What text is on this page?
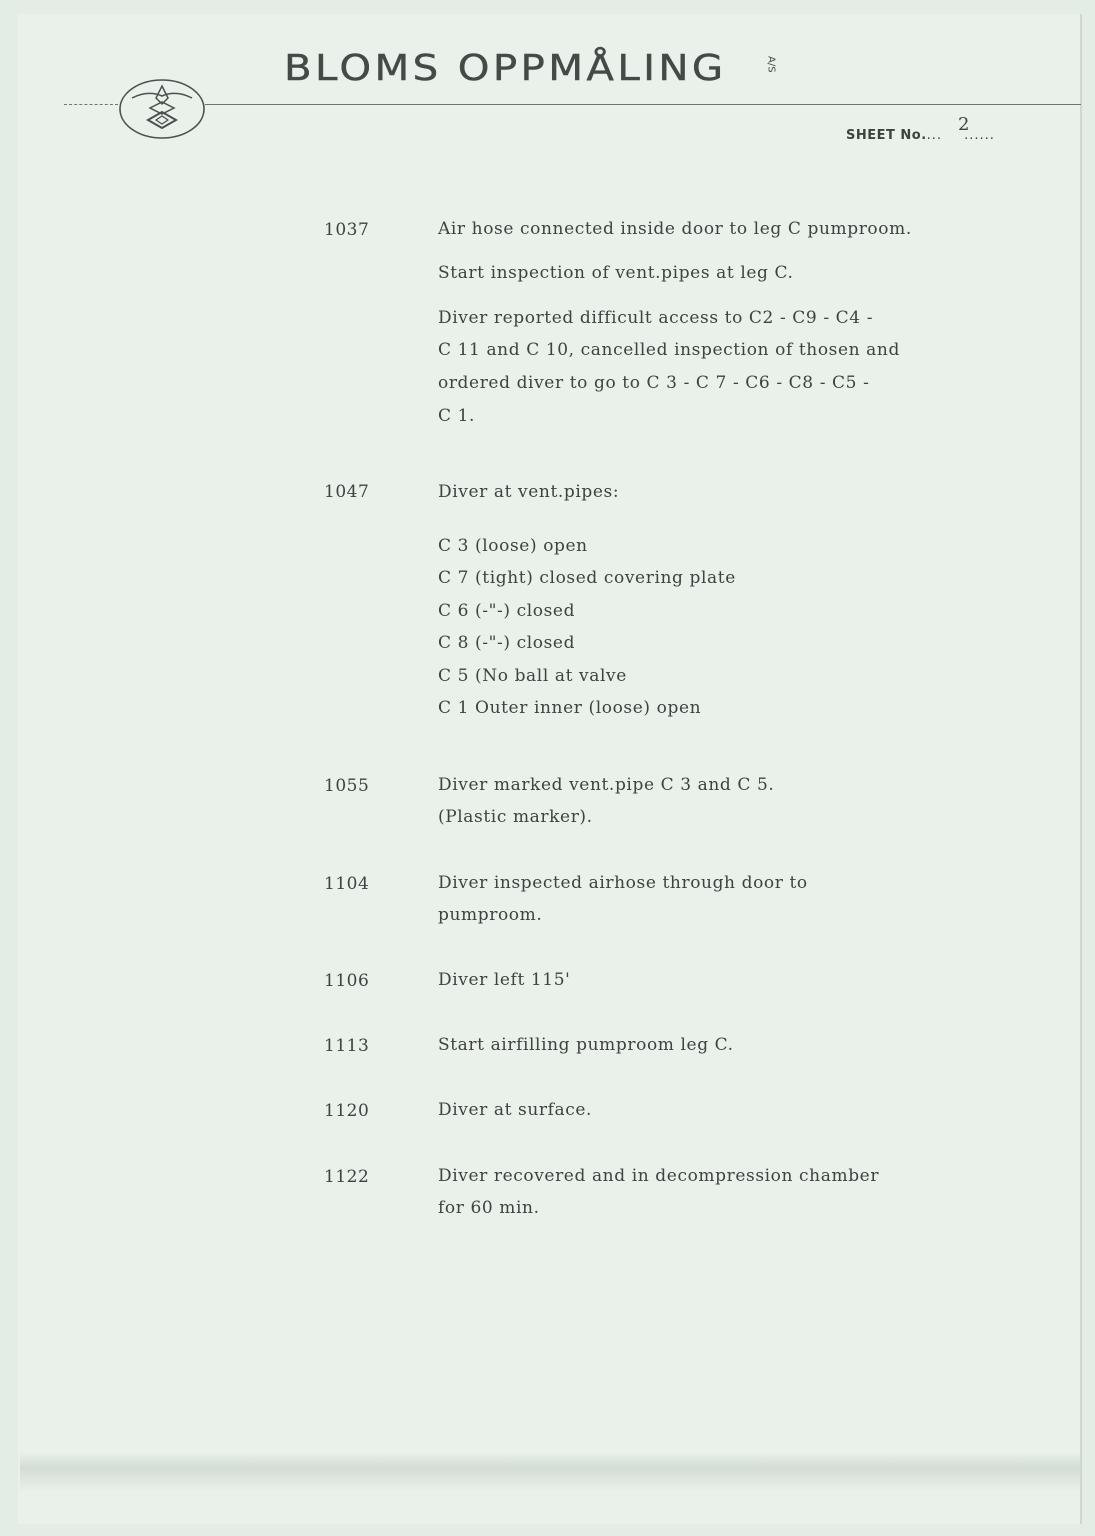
BLOMS OPPMÅLING	A/S
SHEET No.... ......
2
1037	Air hose connected inside door to leg C pumproom.
Start inspection of vent.pipes at leg C.
Diver reported difficult access to C2 - C9 - C4 -
C 11 and C 10, cancelled inspection of thosen and
ordered diver to go to C 3 - C 7 - C6 - C8 - C5 -
C 1.
1047	Diver at vent.pipes:
C 3 (loose) open
C 7 (tight) closed covering plate
C 6 (-"-) closed
C 8 (-"-) closed
C 5 (No ball at valve
C 1 Outer inner (loose) open
1055	Diver marked vent.pipe C 3 and C 5.
(Plastic marker).
1104	Diver inspected airhose through door to
pumproom.
1106	Diver left 115'
1113	Start airfilling pumproom leg C.
1120	Diver at surface.
1122	Diver recovered and in decompression chamber
for 60 min.
